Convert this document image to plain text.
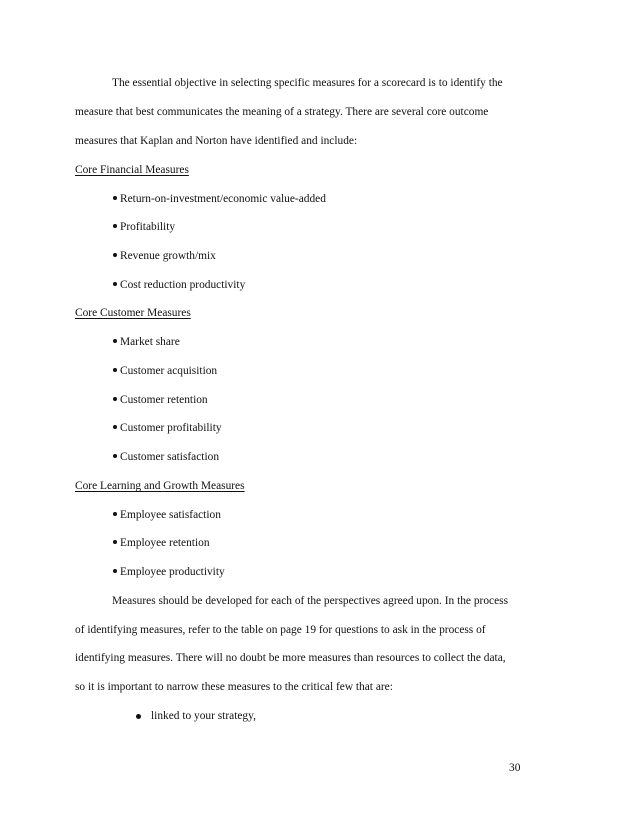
The essential objective in selecting specific measures for a scorecard is to identify the
measure that best communicates the meaning of a strategy. There are several core outcome
measures that Kaplan and Norton have identified and include:
Core Financial Measures
Return-on-investment/economic value-added
Profitability
Revenue growth/mix
Cost reduction productivity
Core Customer Measures
Market share
Customer acquisition
Customer retention
Customer profitability
Customer satisfaction
Core Learning and Growth Measures
Employee satisfaction
Employee retention
Employee productivity
Measures should be developed for each of the perspectives agreed upon. In the process
of identifying measures, refer to the table on page 19 for questions to ask in the process of
identifying measures. There will no doubt be more measures than resources to collect the data,
so it is important to narrow these measures to the critical few that are:
linked to your strategy,
30
